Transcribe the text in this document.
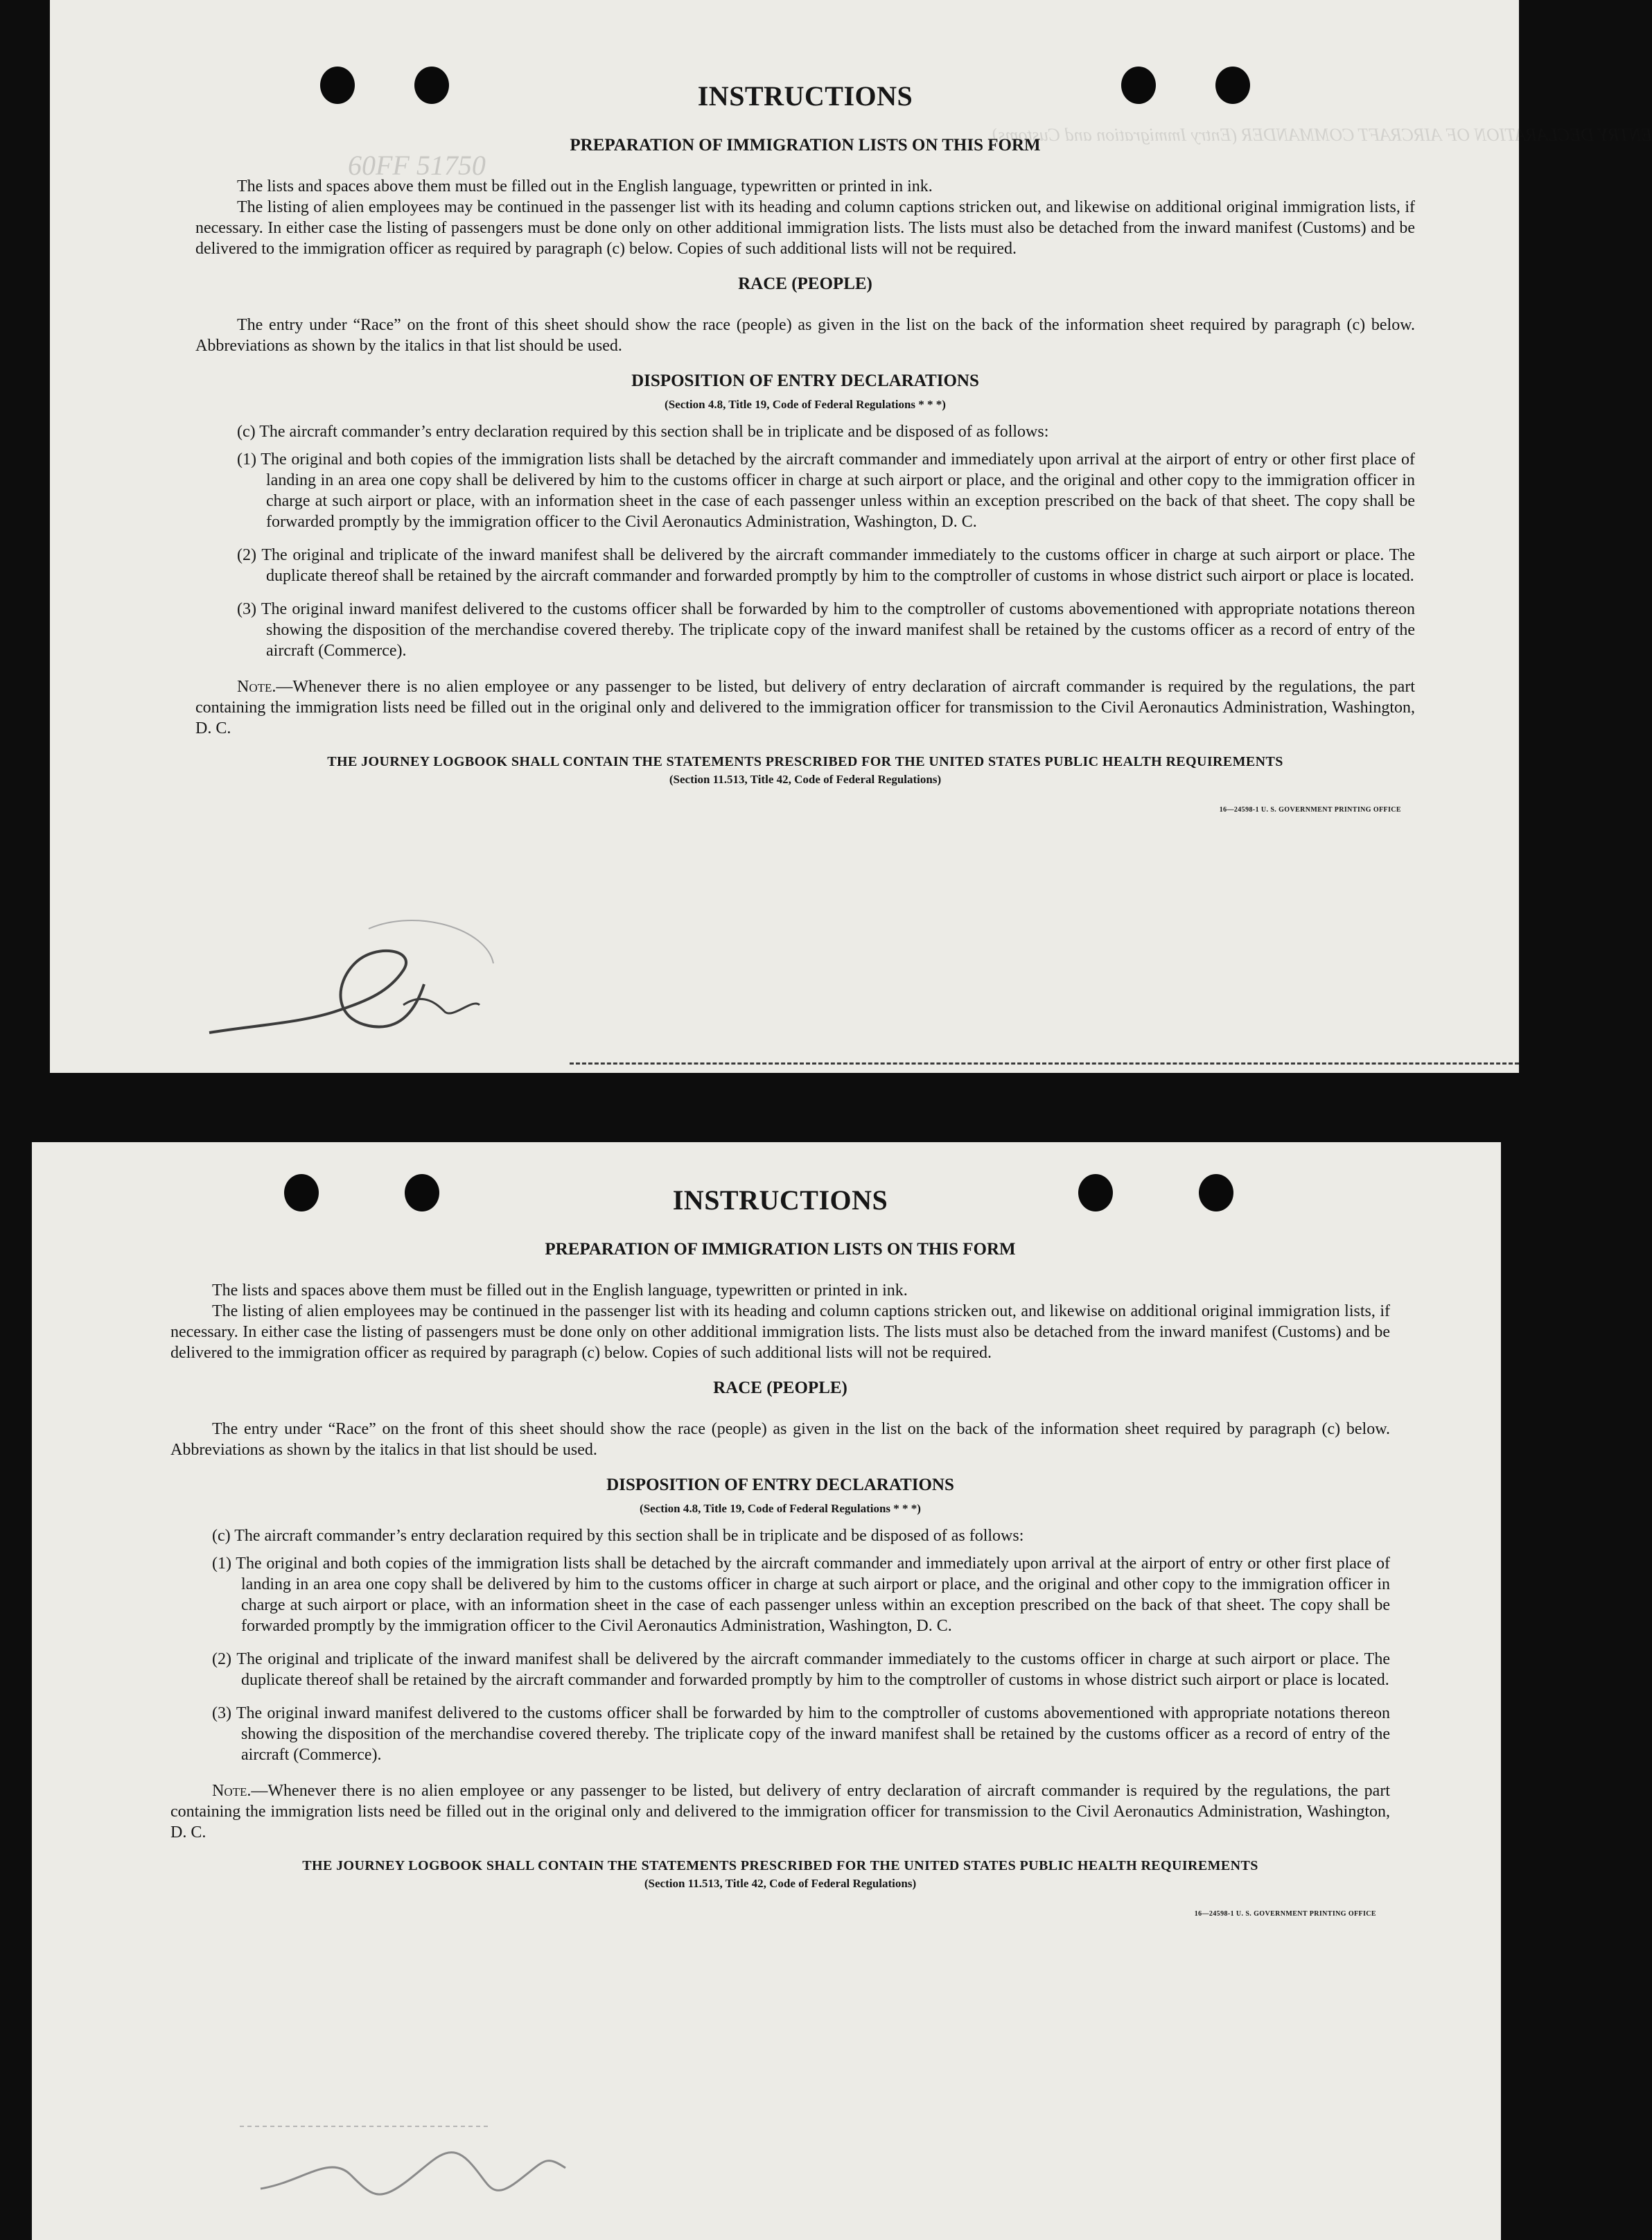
ENTRY DECLARATION OF AIRCRAFT COMMANDER (Entry Immigration and Customs)
60FF 51750
INSTRUCTIONS
PREPARATION OF IMMIGRATION LISTS ON THIS FORM

The lists and spaces above them must be filled out in the English language, typewritten or printed in ink.

The listing of alien employees may be continued in the passenger list with its heading and column captions stricken out, and likewise on additional original immigration lists, if necessary. In either case the listing of passengers must be done only on other additional immigration lists. The lists must also be detached from the inward manifest (Customs) and be delivered to the immigration officer as required by paragraph (c) below. Copies of such additional lists will not be required.

RACE (PEOPLE)

The entry under “Race” on the front of this sheet should show the race (people) as given in the list on the back of the information sheet required by paragraph (c) below. Abbreviations as shown by the italics in that list should be used.

DISPOSITION OF ENTRY DECLARATIONS

(Section 4.8, Title 19, Code of Federal Regulations * * *)

(c) The aircraft commander’s entry declaration required by this section shall be in triplicate and be disposed of as follows:

(1) The original and both copies of the immigration lists shall be detached by the aircraft commander and immediately upon arrival at the airport of entry or other first place of landing in an area one copy shall be delivered by him to the customs officer in charge at such airport or place, and the original and other copy to the immigration officer in charge at such airport or place, with an information sheet in the case of each passenger unless within an exception prescribed on the back of that sheet. The copy shall be forwarded promptly by the immigration officer to the Civil Aeronautics Administration, Washington, D. C.

(2) The original and triplicate of the inward manifest shall be delivered by the aircraft commander immediately to the customs officer in charge at such airport or place. The duplicate thereof shall be retained by the aircraft commander and forwarded promptly by him to the comptroller of customs in whose district such airport or place is located.

(3) The original inward manifest delivered to the customs officer shall be forwarded by him to the comptroller of customs abovementioned with appropriate notations thereon showing the disposition of the merchandise covered thereby. The triplicate copy of the inward manifest shall be retained by the customs officer as a record of entry of the aircraft (Commerce).

Note.—Whenever there is no alien employee or any passenger to be listed, but delivery of entry declaration of aircraft commander is required by the regulations, the part containing the immigration lists need be filled out in the original only and delivered to the immigration officer for transmission to the Civil Aeronautics Administration, Washington, D. C.

THE JOURNEY LOGBOOK SHALL CONTAIN THE STATEMENTS PRESCRIBED FOR THE UNITED STATES PUBLIC HEALTH REQUIREMENTS

(Section 11.513, Title 42, Code of Federal Regulations)

16—24598-1 U. S. GOVERNMENT PRINTING OFFICE

INSTRUCTIONS
PREPARATION OF IMMIGRATION LISTS ON THIS FORM

The lists and spaces above them must be filled out in the English language, typewritten or printed in ink.

The listing of alien employees may be continued in the passenger list with its heading and column captions stricken out, and likewise on additional original immigration lists, if necessary. In either case the listing of passengers must be done only on other additional immigration lists. The lists must also be detached from the inward manifest (Customs) and be delivered to the immigration officer as required by paragraph (c) below. Copies of such additional lists will not be required.

RACE (PEOPLE)

The entry under “Race” on the front of this sheet should show the race (people) as given in the list on the back of the information sheet required by paragraph (c) below. Abbreviations as shown by the italics in that list should be used.

DISPOSITION OF ENTRY DECLARATIONS

(Section 4.8, Title 19, Code of Federal Regulations * * *)

(c) The aircraft commander’s entry declaration required by this section shall be in triplicate and be disposed of as follows:

(1) The original and both copies of the immigration lists shall be detached by the aircraft commander and immediately upon arrival at the airport of entry or other first place of landing in an area one copy shall be delivered by him to the customs officer in charge at such airport or place, and the original and other copy to the immigration officer in charge at such airport or place, with an information sheet in the case of each passenger unless within an exception prescribed on the back of that sheet. The copy shall be forwarded promptly by the immigration officer to the Civil Aeronautics Administration, Washington, D. C.

(2) The original and triplicate of the inward manifest shall be delivered by the aircraft commander immediately to the customs officer in charge at such airport or place. The duplicate thereof shall be retained by the aircraft commander and forwarded promptly by him to the comptroller of customs in whose district such airport or place is located.

(3) The original inward manifest delivered to the customs officer shall be forwarded by him to the comptroller of customs abovementioned with appropriate notations thereon showing the disposition of the merchandise covered thereby. The triplicate copy of the inward manifest shall be retained by the customs officer as a record of entry of the aircraft (Commerce).

Note.—Whenever there is no alien employee or any passenger to be listed, but delivery of entry declaration of aircraft commander is required by the regulations, the part containing the immigration lists need be filled out in the original only and delivered to the immigration officer for transmission to the Civil Aeronautics Administration, Washington, D. C.

THE JOURNEY LOGBOOK SHALL CONTAIN THE STATEMENTS PRESCRIBED FOR THE UNITED STATES PUBLIC HEALTH REQUIREMENTS

(Section 11.513, Title 42, Code of Federal Regulations)

16—24598-1 U. S. GOVERNMENT PRINTING OFFICE
